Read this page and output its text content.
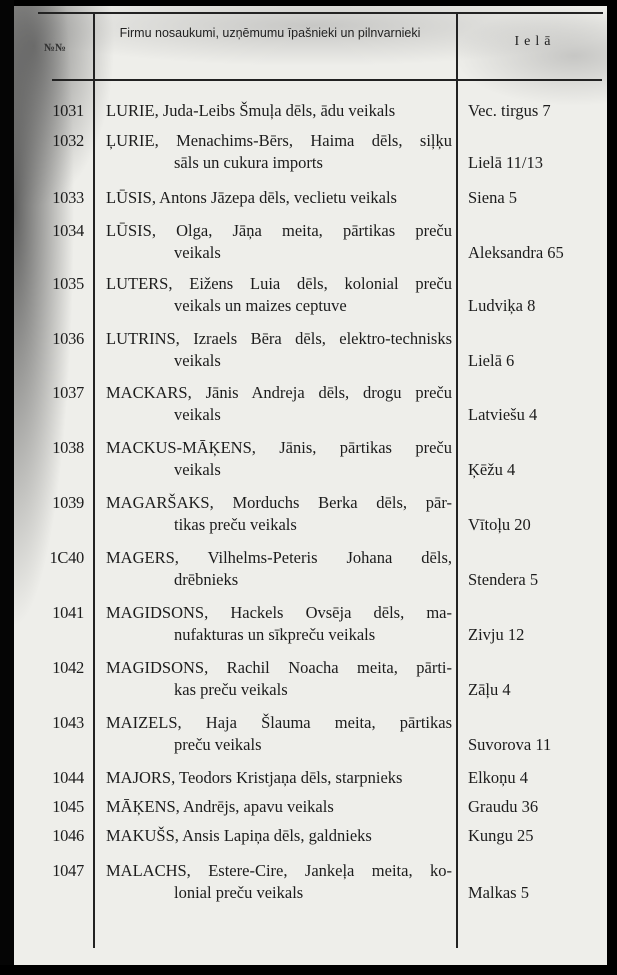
№№
Firmu nosaukumi, uzņēmumu īpašnieki un pilnvarnieki
Ielā
1031 LURIE, Juda-Leibs Šmuļa dēls, ādu veikals	Vec. tirgus 7
1032 ĻURIE, Menachims-Bērs, Haima dēls, siļķu
sāls un cukura imports	Lielā 11/13
1033 LŪSIS, Antons Jāzepa dēls, veclietu veikals	Siena 5
1034 LŪSIS, Olga, Jāņa meita, pārtikas preču
veikals	Aleksandra 65
1035 LUTERS, Eižens Luia dēls, kolonial preču
veikals un maizes ceptuve	Ludviķa 8
1036 LUTRINS, Izraels Bēra dēls, elektro-technisks
veikals	Lielā 6
1037 MACKARS, Jānis Andreja dēls, drogu preču
veikals	Latviešu 4
1038 MACKUS-MĀĶENS, Jānis, pārtikas preču
veikals	Ķēžu 4
1039 MAGARŠAKS, Morduchs Berka dēls, pār-
tikas preču veikals	Vītoļu 20
1C40 MAGERS, Vilhelms-Peteris Johana dēls,
drēbnieks	Stendera 5
1041 MAGIDSONS, Hackels Ovsēja dēls, ma-
nufakturas un sīkpreču veikals	Zivju 12
1042 MAGIDSONS, Rachil Noacha meita, pārti-
kas preču veikals	Zāļu 4
1043 MAIZELS, Haja Šlauma meita, pārtikas
preču veikals	Suvorova 11
1044 MAJORS, Teodors Kristjaņa dēls, starpnieks	Elkoņu 4
1045 MĀĶENS, Andrējs, apavu veikals	Graudu 36
1046 MAKUŠS, Ansis Lapiņa dēls, galdnieks	Kungu 25
1047 MALACHS, Estere-Cire, Jankeļa meita, ko-
lonial preču veikals	Malkas 5
